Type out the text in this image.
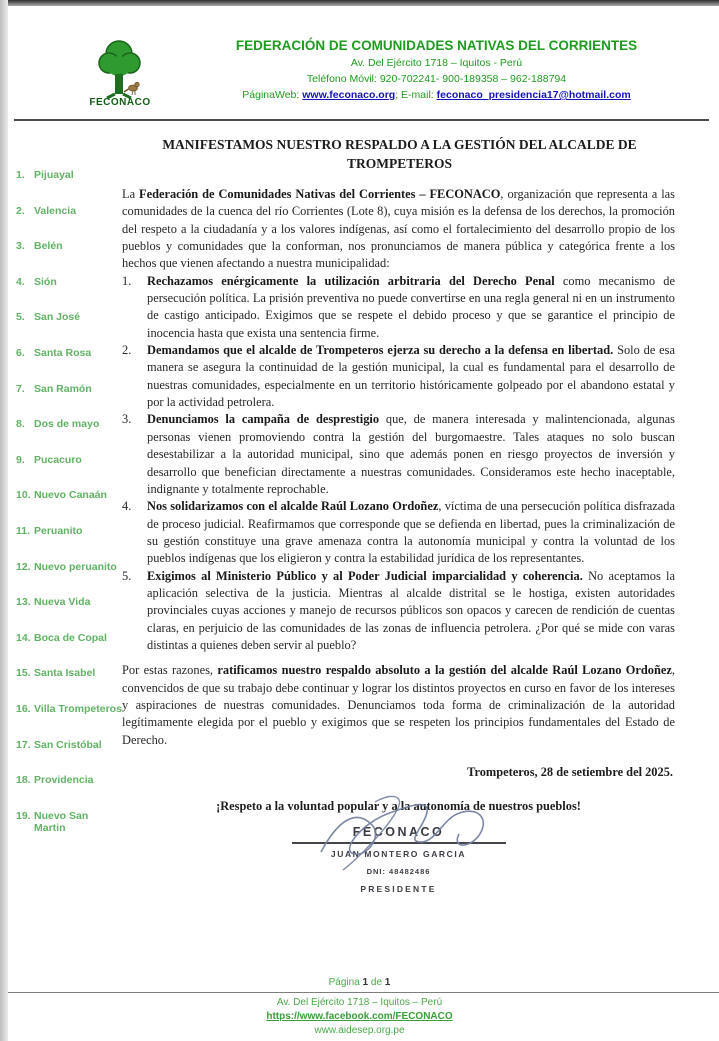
FECONACO
FEDERACIÓN DE COMUNIDADES NATIVAS DEL CORRIENTES
Av. Del Ejército 1718 – Iquitos - Perú
Teléfono Móvil: 920-702241- 900-189358 – 962-188794
PáginaWeb: www.feconaco.org; E-mail: feconaco_presidencia17@hotmail.com
MANIFESTAMOS NUESTRO RESPALDO A LA GESTIÓN DEL ALCALDE DE TROMPETEROS
1. Pijuayal
2. Valencia
3. Belén
4. Sión
5. San José
6. Santa Rosa
7. San Ramón
8. Dos de mayo
9. Pucacuro
10. Nuevo Canaán
11. Peruanito
12. Nuevo peruanito
13. Nueva Vida
14. Boca de Copal
15. Santa Isabel
16. Villa Trompeteros
17. San Cristóbal
18. Providencia
19. Nuevo San Martin

La Federación de Comunidades Nativas del Corrientes – FECONACO, organización que representa a las comunidades de la cuenca del río Corrientes (Lote 8), cuya misión es la defensa de los derechos, la promoción del respeto a la ciudadanía y a los valores indígenas, así como el fortalecimiento del desarrollo propio de los pueblos y comunidades que la conforman, nos pronunciamos de manera pública y categórica frente a los hechos que vienen afectando a nuestra municipalidad:

1.	Rechazamos enérgicamente la utilización arbitraria del Derecho Penal como mecanismo de persecución política. La prisión preventiva no puede convertirse en una regla general ni en un instrumento de castigo anticipado. Exigimos que se respete el debido proceso y que se garantice el principio de inocencia hasta que exista una sentencia firme.

2.	Demandamos que el alcalde de Trompeteros ejerza su derecho a la defensa en libertad. Solo de esa manera se asegura la continuidad de la gestión municipal, la cual es fundamental para el desarrollo de nuestras comunidades, especialmente en un territorio históricamente golpeado por el abandono estatal y por la actividad petrolera.

3.	Denunciamos la campaña de desprestigio que, de manera interesada y malintencionada, algunas personas vienen promoviendo contra la gestión del burgomaestre. Tales ataques no solo buscan desestabilizar a la autoridad municipal, sino que además ponen en riesgo proyectos de inversión y desarrollo que benefician directamente a nuestras comunidades. Consideramos este hecho inaceptable, indignante y totalmente reprochable.

4.	Nos solidarizamos con el alcalde Raúl Lozano Ordoñez, víctima de una persecución política disfrazada de proceso judicial. Reafirmamos que corresponde que se defienda en libertad, pues la criminalización de su gestión constituye una grave amenaza contra la autonomía municipal y contra la voluntad de los pueblos indígenas que los eligieron y contra la estabilidad jurídica de los representantes.

5.	Exigimos al Ministerio Público y al Poder Judicial imparcialidad y coherencia. No aceptamos la aplicación selectiva de la justicia. Mientras al alcalde distrital se le hostiga, existen autoridades provinciales cuyas acciones y manejo de recursos públicos son opacos y carecen de rendición de cuentas claras, en perjuicio de las comunidades de las zonas de influencia petrolera. ¿Por qué se mide con varas distintas a quienes deben servir al pueblo?

Por estas razones, ratificamos nuestro respaldo absoluto a la gestión del alcalde Raúl Lozano Ordoñez, convencidos de que su trabajo debe continuar y lograr los distintos proyectos en curso en favor de los intereses y aspiraciones de nuestras comunidades. Denunciamos toda forma de criminalización de la autoridad legítimamente elegida por el pueblo y exigimos que se respeten los principios fundamentales del Estado de Derecho.

Trompeteros, 28 de setiembre del 2025.
¡Respeto a la voluntad popular y a la autonomía de nuestros pueblos!
FECONACO
JUAN MONTERO GARCIA
DNI: 48482486
PRESIDENTE
Página 1 de 1
Av. Del Ejército 1718 – Iquitos – Perú
https://www.facebook.com/FECONACO
www.aidesep.org.pe
